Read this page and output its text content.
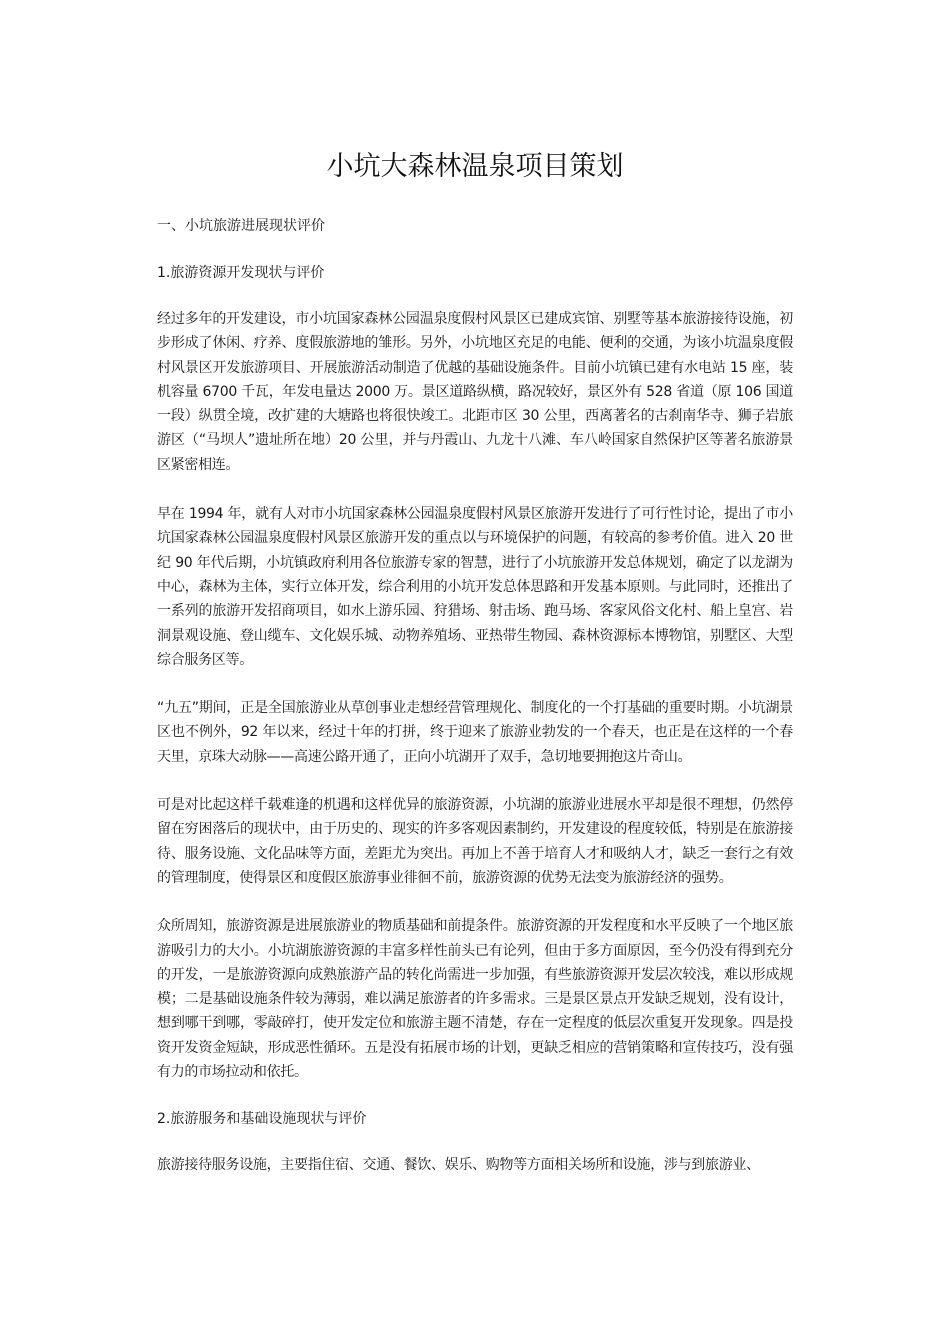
小坑大森林温泉项目策划

一、小坑旅游进展现状评价

1.旅游资源开发现状与评价

经过多年的开发建设，市小坑国家森林公园温泉度假村风景区已建成宾馆、别墅等基本旅游接待设施，初步形成了休闲、疗养、度假旅游地的雏形。另外，小坑地区充足的电能、便利的交通，为该小坑温泉度假村风景区开发旅游项目、开展旅游活动制造了优越的基础设施条件。目前小坑镇已建有水电站 15 座，装机容量 6700 千瓦，年发电量达 2000 万。景区道路纵横，路况较好，景区外有 528 省道（原 106 国道一段）纵贯全境，改扩建的大塘路也将很快竣工。北距市区 30 公里，西离著名的古刹南华寺、狮子岩旅游区（“马坝人”遗址所在地）20 公里，并与丹霞山、九龙十八滩、车八岭国家自然保护区等著名旅游景区紧密相连。

早在 1994 年，就有人对市小坑国家森林公园温泉度假村风景区旅游开发进行了可行性讨论，提出了市小坑国家森林公园温泉度假村风景区旅游开发的重点以与环境保护的问题，有较高的参考价值。进入 20 世纪 90 年代后期，小坑镇政府利用各位旅游专家的智慧，进行了小坑旅游开发总体规划，确定了以龙湖为中心，森林为主体，实行立体开发，综合利用的小坑开发总体思路和开发基本原则。与此同时，还推出了一系列的旅游开发招商项目，如水上游乐园、狩猎场、射击场、跑马场、客家风俗文化村、船上皇宫、岩洞景观设施、登山缆车、文化娱乐城、动物养殖场、亚热带生物园、森林资源标本博物馆，别墅区、大型综合服务区等。

“九五”期间，正是全国旅游业从草创事业走想经营管理规化、制度化的一个打基础的重要时期。小坑湖景区也不例外，92 年以来，经过十年的打拼，终于迎来了旅游业勃发的一个春天，也正是在这样的一个春天里，京珠大动脉——高速公路开通了，正向小坑湖开了双手，急切地要拥抱这片奇山。

可是对比起这样千载难逢的机遇和这样优异的旅游资源，小坑湖的旅游业进展水平却是很不理想，仍然停留在穷困落后的现状中，由于历史的、现实的许多客观因素制约，开发建设的程度较低，特别是在旅游接待、服务设施、文化品味等方面，差距尤为突出。再加上不善于培育人才和吸纳人才，缺乏一套行之有效的管理制度，使得景区和度假区旅游事业徘徊不前，旅游资源的优势无法变为旅游经济的强势。

众所周知，旅游资源是进展旅游业的物质基础和前提条件。旅游资源的开发程度和水平反映了一个地区旅游吸引力的大小。小坑湖旅游资源的丰富多样性前头已有论列，但由于多方面原因，至今仍没有得到充分的开发，一是旅游资源向成熟旅游产品的转化尚需进一步加强，有些旅游资源开发层次较浅，难以形成规模；二是基础设施条件较为薄弱，难以满足旅游者的许多需求。三是景区景点开发缺乏规划，没有设计，想到哪干到哪，零敲碎打，使开发定位和旅游主题不清楚，存在一定程度的低层次重复开发现象。四是投资开发资金短缺，形成恶性循环。五是没有拓展市场的计划，更缺乏相应的营销策略和宣传技巧，没有强有力的市场拉动和依托。

2.旅游服务和基础设施现状与评价

旅游接待服务设施，主要指住宿、交通、餐饮、娱乐、购物等方面相关场所和设施，涉与到旅游业、
